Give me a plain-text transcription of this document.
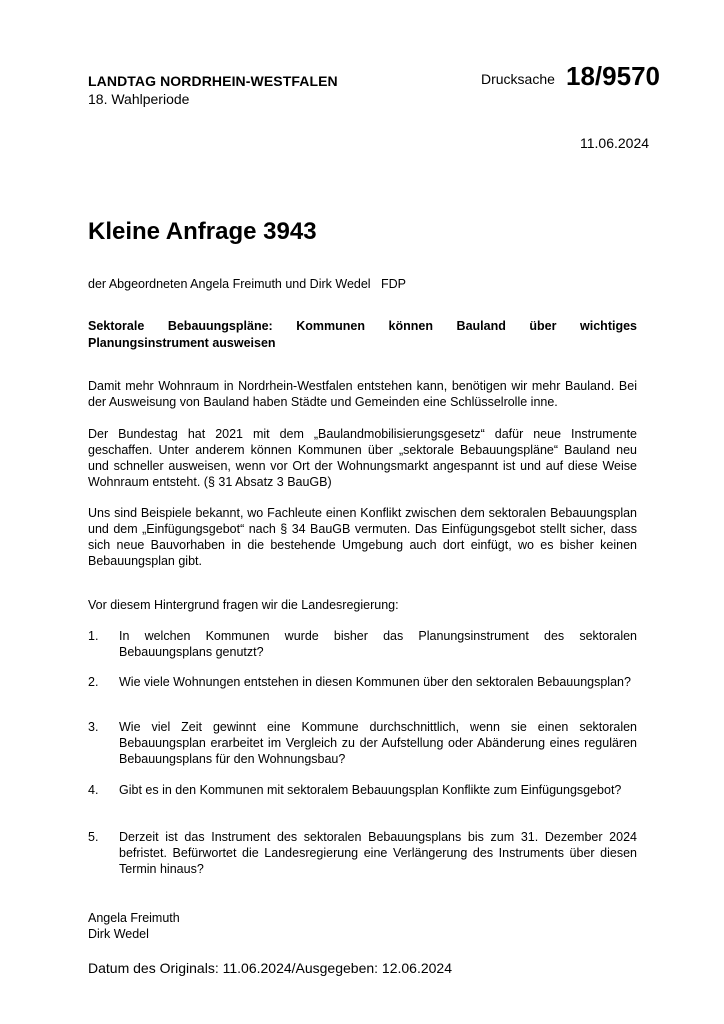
LANDTAG NORDRHEIN-WESTFALEN
18. Wahlperiode
Drucksache 18/9570
11.06.2024
Kleine Anfrage 3943
der Abgeordneten Angela Freimuth und Dirk Wedel   FDP
Sektorale Bebauungspläne: Kommunen können Bauland über wichtiges
Planungsinstrument ausweisen

Damit mehr Wohnraum in Nordrhein-Westfalen entstehen kann, benötigen wir mehr Bauland. Bei der Ausweisung von Bauland haben Städte und Gemeinden eine Schlüsselrolle inne.

Der Bundestag hat 2021 mit dem „Baulandmobilisierungsgesetz“ dafür neue Instrumente geschaffen. Unter anderem können Kommunen über „sektorale Bebauungspläne“ Bauland neu und schneller ausweisen, wenn vor Ort der Wohnungsmarkt angespannt ist und auf diese Weise Wohnraum entsteht. (§ 31 Absatz 3 BauGB)

Uns sind Beispiele bekannt, wo Fachleute einen Konflikt zwischen dem sektoralen Bebauungsplan und dem „Einfügungsgebot“ nach § 34 BauGB vermuten. Das Einfügungsgebot stellt sicher, dass sich neue Bauvorhaben in die bestehende Umgebung auch dort einfügt, wo es bisher keinen Bebauungsplan gibt.

Vor diesem Hintergrund fragen wir die Landesregierung:
1.	In welchen Kommunen wurde bisher das Planungsinstrument des sektoralen Bebauungsplans genutzt?
2.	Wie viele Wohnungen entstehen in diesen Kommunen über den sektoralen Bebauungsplan?
3.	Wie viel Zeit gewinnt eine Kommune durchschnittlich, wenn sie einen sektoralen Bebauungsplan erarbeitet im Vergleich zu der Aufstellung oder Abänderung eines regulären Bebauungsplans für den Wohnungsbau?
4.	Gibt es in den Kommunen mit sektoralem Bebauungsplan Konflikte zum Einfügungsgebot?
5.	Derzeit ist das Instrument des sektoralen Bebauungsplans bis zum 31. Dezember 2024 befristet. Befürwortet die Landesregierung eine Verlängerung des Instruments über diesen Termin hinaus?
Angela Freimuth
Dirk Wedel
Datum des Originals: 11.06.2024/Ausgegeben: 12.06.2024
